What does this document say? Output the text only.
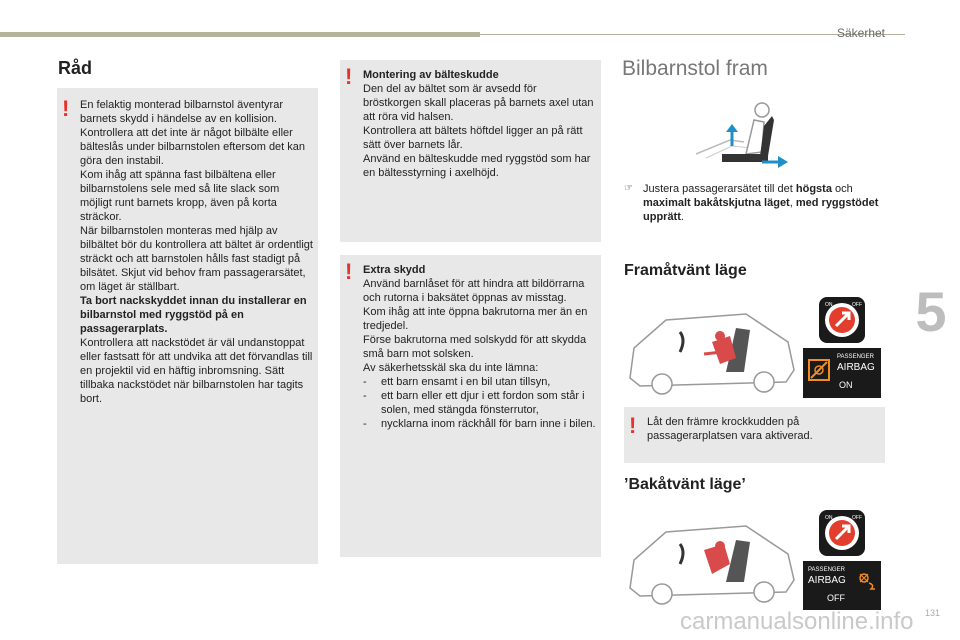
Säkerhet
5
Råd
! En felaktig monterad bilbarnstol äventyrar barnets skydd i händelse av en kollision.
Kontrollera att det inte är något bilbälte eller bälteslås under bilbarnstolen eftersom det kan göra den instabil.
Kom ihåg att spänna fast bilbältena eller bilbarnstolens sele med så lite slack som möjligt runt barnets kropp, även på korta sträckor.
När bilbarnstolen monteras med hjälp av bilbältet bör du kontrollera att bältet är ordentligt sträckt och att barnstolen hålls fast stadigt på bilsätet. Skjut vid behov fram passagerarsätet, om läget är ställbart.
Ta bort nackskyddet innan du installerar en bilbarnstol med ryggstöd på en passagerarplats.
Kontrollera att nackstödet är väl undanstoppat eller fastsatt för att undvika att det förvandlas till en projektil vid en häftig inbromsning. Sätt tillbaka nackstödet när bilbarnstolen har tagits bort.
! Montering av bälteskudde
Den del av bältet som är avsedd för bröstkorgen skall placeras på barnets axel utan att röra vid halsen.
Kontrollera att bältets höftdel ligger an på rätt sätt över barnets lår.
Använd en bälteskudde med ryggstöd som har en bältesstyrning i axelhöjd.
! Extra skydd
Använd barnlåset för att hindra att bildörrarna och rutorna i baksätet öppnas av misstag.
Kom ihåg att inte öppna bakrutorna mer än en tredjedel.
Förse bakrutorna med solskydd för att skydda små barn mot solsken.
Av säkerhetsskäl ska du inte lämna:
-	ett barn ensamt i en bil utan tillsyn,
-	ett barn eller ett djur i ett fordon som står i solen, med stängda fönsterrutor,
-	nycklarna inom räckhåll för barn inne i bilen.
Bilbarnstol fram
☞ Justera passagerarsätet till det högsta och maximalt bakåtskjutna läget, med ryggstödet upprätt.
Framåtvänt läge
ON	OFF
PASSENGER
AIRBAG
ON
! Låt den främre krockkudden på passagerarplatsen vara aktiverad.
’Bakåtvänt läge’
ON	OFF
PASSENGER
AIRBAG
OFF
carmanualsonline.info 131
